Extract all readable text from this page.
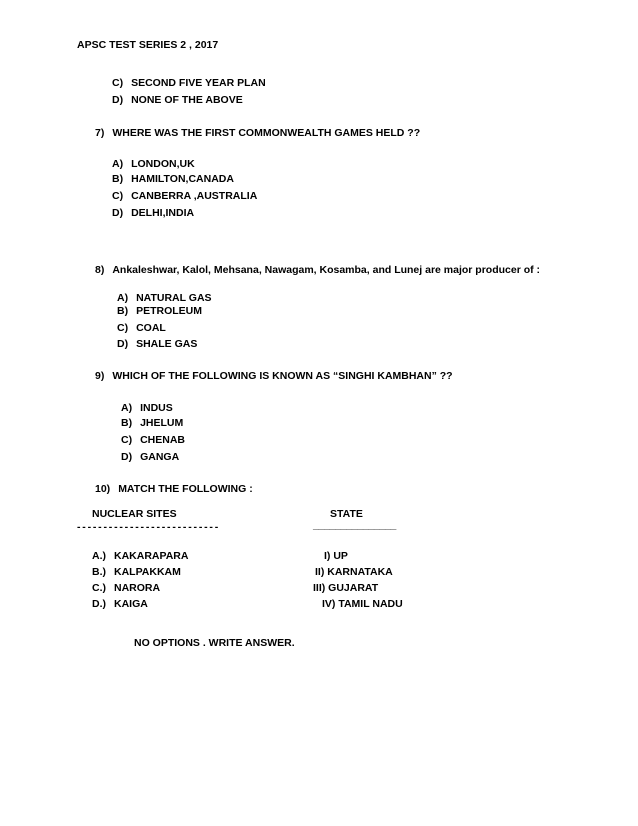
APSC TEST SERIES 2 , 2017
C) SECOND FIVE YEAR PLAN
D) NONE OF THE ABOVE
7) WHERE WAS THE FIRST COMMONWEALTH GAMES HELD ??
A) LONDON,UK
B) HAMILTON,CANADA
C) CANBERRA ,AUSTRALIA
D) DELHI,INDIA
8) Ankaleshwar, Kalol, Mehsana, Nawagam, Kosamba, and Lunej are major producer of :
A) NATURAL GAS
B) PETROLEUM
C) COAL
D) SHALE GAS
9) WHICH OF THE FOLLOWING IS KNOWN AS “SINGHI KAMBHAN” ??
A) INDUS
B) JHELUM
C) CHENAB
D) GANGA
10) MATCH THE FOLLOWING :
NUCLEAR SITES	STATE
---------------------------	_______________
A.) KAKARAPARA
B.) KALPAKKAM
C.) NARORA
D.) KAIGA
I) UP
II) KARNATAKA
III) GUJARAT
IV) TAMIL NADU
NO OPTIONS . WRITE ANSWER.
